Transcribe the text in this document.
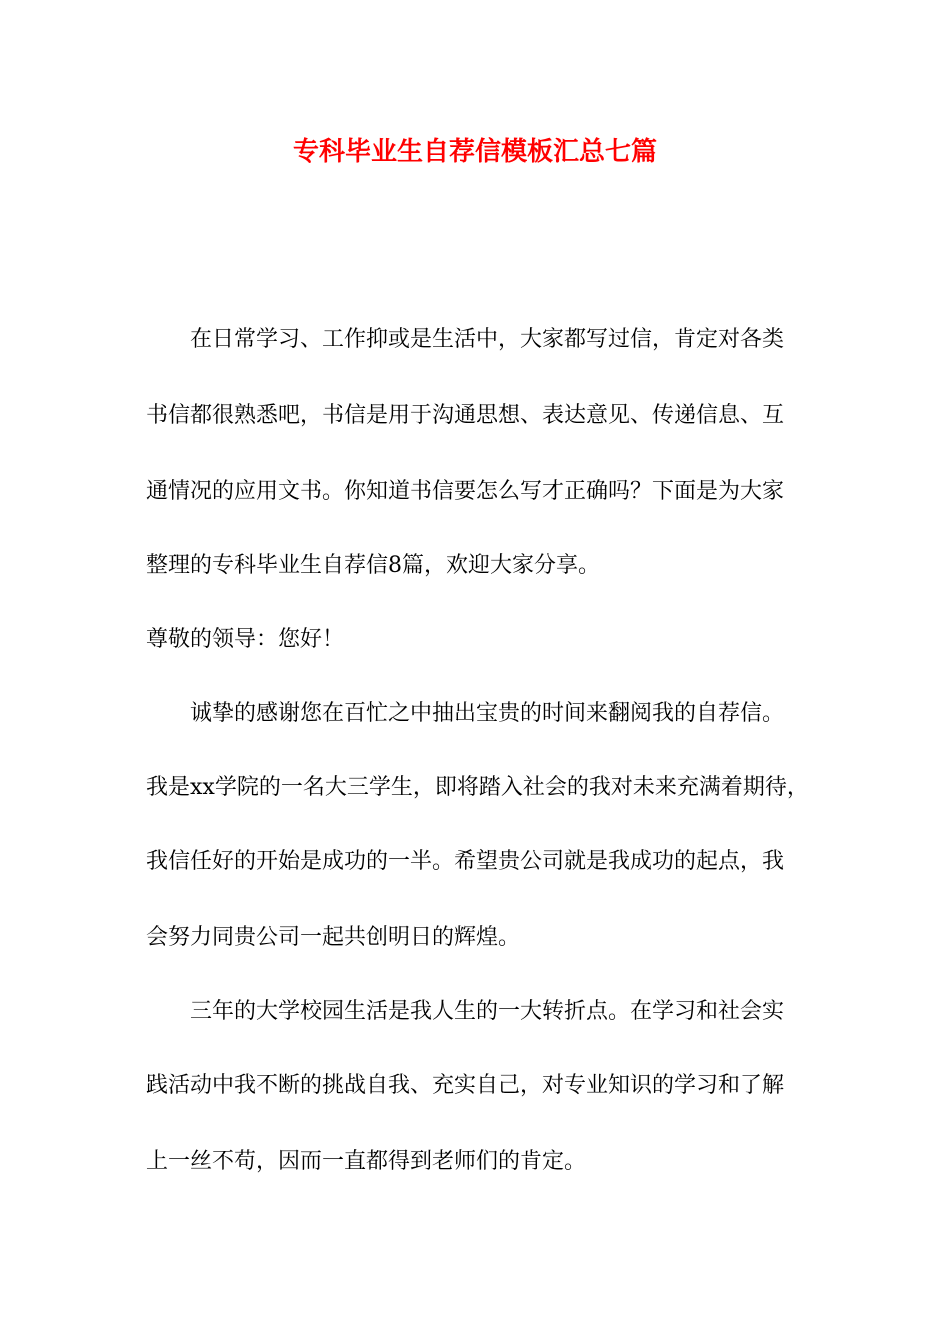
专科毕业生自荐信模板汇总七篇
在日常学习、工作抑或是生活中，大家都写过信，肯定对各类
书信都很熟悉吧，书信是用于沟通思想、表达意见、传递信息、互
通情况的应用文书。你知道书信要怎么写才正确吗？下面是为大家
整理的专科毕业生自荐信8篇，欢迎大家分享。
尊敬的领导：您好！
诚挚的感谢您在百忙之中抽出宝贵的时间来翻阅我的自荐信。
我是xx学院的一名大三学生，即将踏入社会的我对未来充满着期待，
我信任好的开始是成功的一半。希望贵公司就是我成功的起点，我
会努力同贵公司一起共创明日的辉煌。
三年的大学校园生活是我人生的一大转折点。在学习和社会实
践活动中我不断的挑战自我、充实自己，对专业知识的学习和了解
上一丝不苟，因而一直都得到老师们的肯定。
